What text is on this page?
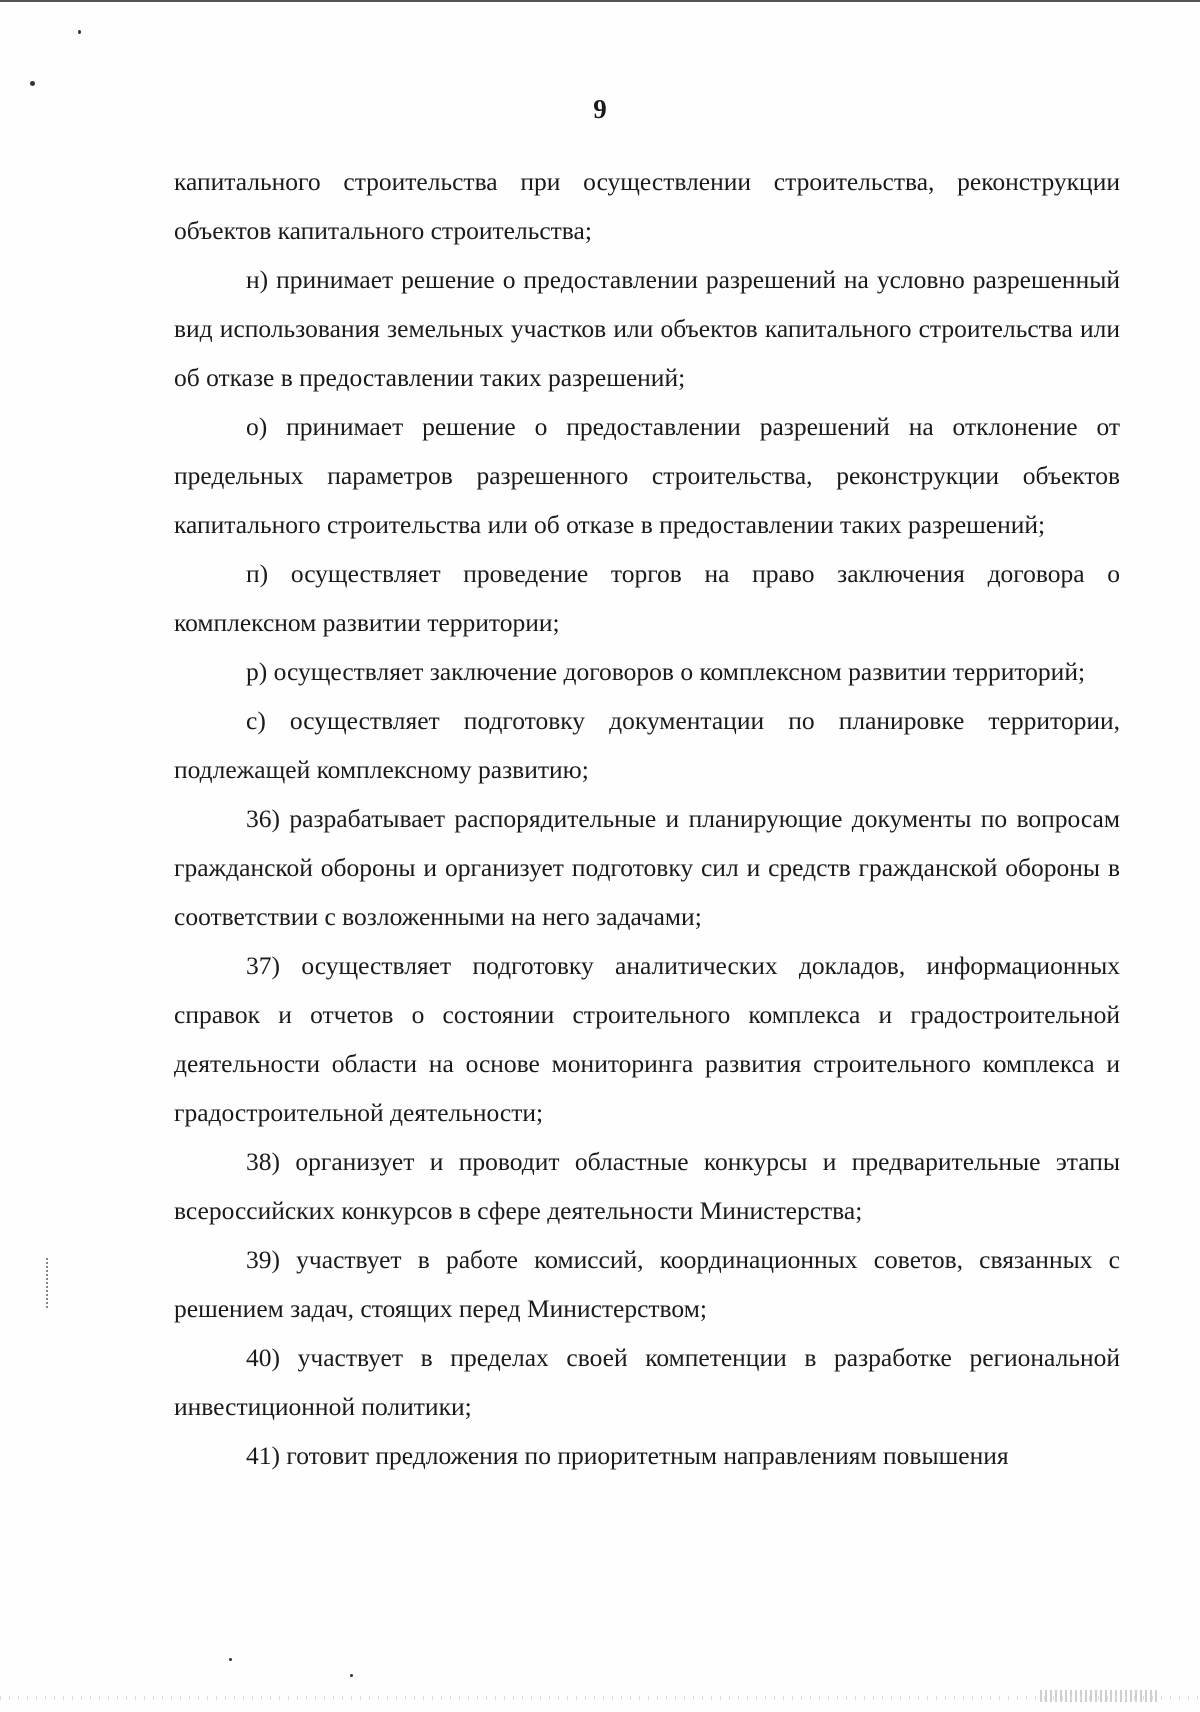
9

капитального строительства при осуществлении строительства, реконструкции объектов капитального строительства;

н) принимает решение о предоставлении разрешений на условно разрешенный вид использования земельных участков или объектов капитального строительства или об отказе в предоставлении таких разрешений;

о) принимает решение о предоставлении разрешений на отклонение от предельных параметров разрешенного строительства, реконструкции объектов капитального строительства или об отказе в предоставлении таких разрешений;

п) осуществляет проведение торгов на право заключения договора о комплексном развитии территории;

р) осуществляет заключение договоров о комплексном развитии территорий;

с) осуществляет подготовку документации по планировке территории, подлежащей комплексному развитию;

36) разрабатывает распорядительные и планирующие документы по вопросам гражданской обороны и организует подготовку сил и средств гражданской обороны в соответствии с возложенными на него задачами;

37) осуществляет подготовку аналитических докладов, информационных справок и отчетов о состоянии строительного комплекса и градостроительной деятельности области на основе мониторинга развития строительного комплекса и градостроительной деятельности;

38) организует и проводит областные конкурсы и предварительные этапы всероссийских конкурсов в сфере деятельности Министерства;

39) участвует в работе комиссий, координационных советов, связанных с решением задач, стоящих перед Министерством;

40) участвует в пределах своей компетенции в разработке региональной инвестиционной политики;

41) готовит предложения по приоритетным направлениям повышения
